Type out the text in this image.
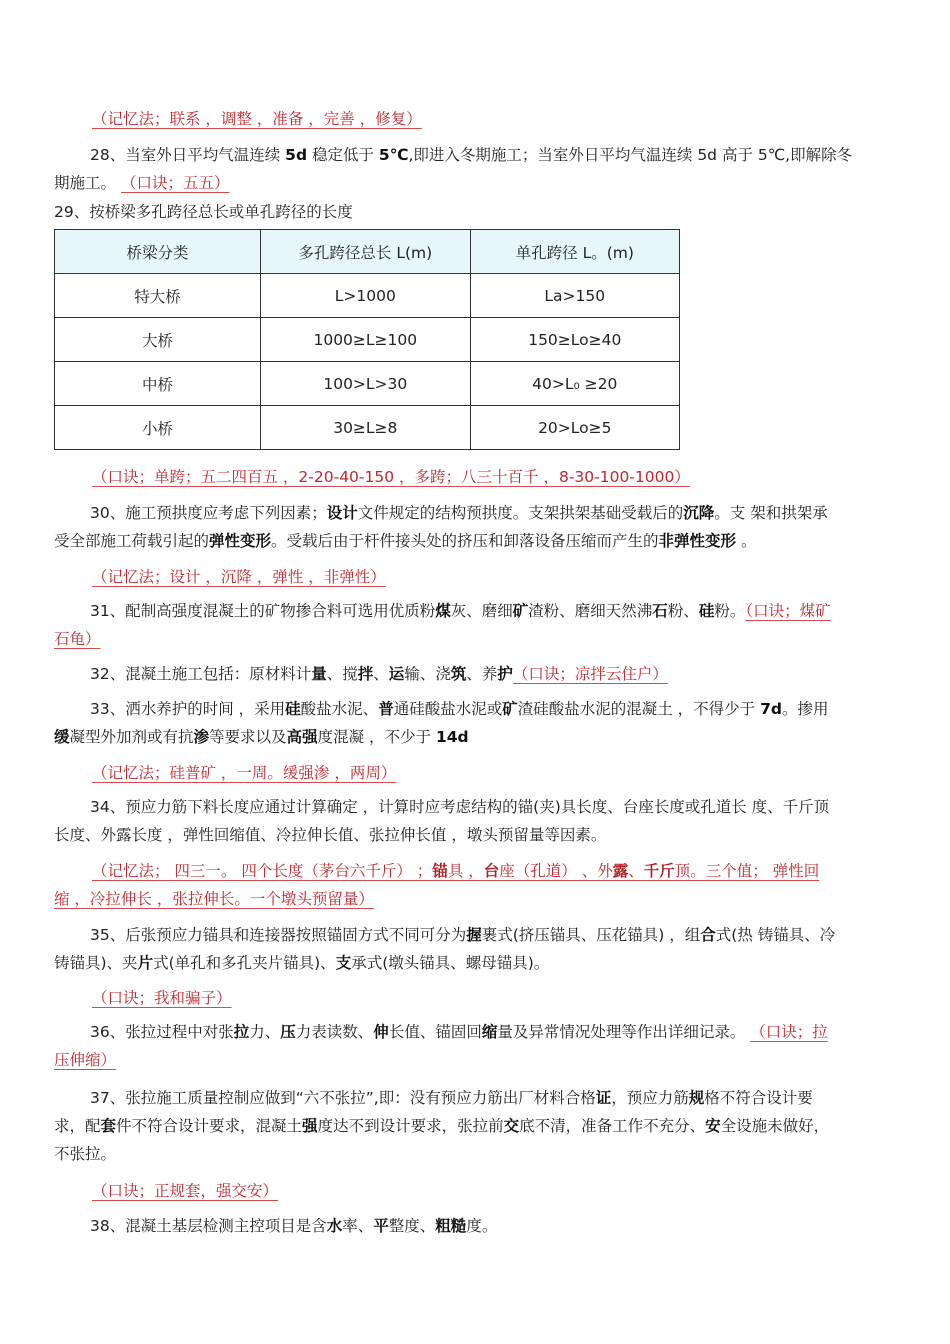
（记忆法；联系 ，调整 ，准备 ，完善 ，修复）
28、当室外日平均气温连续 5d 稳定低于 5℃,即进入冬期施工；当室外日平均气温连续 5d 高于 5℃,即解除冬
期施工。 （口诀；五五）
29、按桥梁多孔跨径总长或单孔跨径的长度
桥梁分类	多孔跨径总长 L(m)	单孔跨径 L。(m)
特大桥	L>1000	La>150
大桥	1000≥L≥100	150≥Lo≥40
中桥	100>L>30	40>L₀ ≥20
小桥	30≥L≥8	20>Lo≥5
（口诀；单跨；五二四百五 ，2-20-40-150 ，多跨；八三十百千 ，8-30-100-1000）
30、施工预拱度应考虑下列因素；设计文件规定的结构预拱度。支架拱架基础受载后的沉降。支 架和拱架承
受全部施工荷载引起的弹性变形。受载后由于杆件接头处的挤压和卸落设备压缩而产生的非弹性变形 。
（记忆法；设计 ，沉降 ，弹性 ，非弹性）
31、配制高强度混凝土的矿物掺合料可选用优质粉煤灰、磨细矿渣粉、磨细天然沸石粉、硅粉。（口诀；煤矿
石龟）
32、混凝土施工包括：原材料计量、搅拌、运输、浇筑、养护（口诀；凉拌云住户）
33、洒水养护的时间 ，采用硅酸盐水泥、普通硅酸盐水泥或矿渣硅酸盐水泥的混凝土 ，不得少于 7d。掺用
缓凝型外加剂或有抗渗等要求以及高强度混凝 ，不少于 14d
（记忆法；硅普矿 ，一周。缓强渗 ，两周）
34、预应力筋下料长度应通过计算确定 ，计算时应考虑结构的锚(夹)具长度、台座长度或孔道长 度、千斤顶
长度、外露长度 ，弹性回缩值、冷拉伸长值、张拉伸长值 ，墩头预留量等因素。
（记忆法； 四三一。 四个长度（茅台六千斤） ；锚具 ，台座（孔道） 、外露、千斤顶。三个值； 弹性回
缩 ，冷拉伸长 ，张拉伸长。一个墩头预留量）
35、后张预应力锚具和连接器按照锚固方式不同可分为握裹式(挤压锚具、压花锚具) ，组合式(热 铸锚具、冷
铸锚具)、夹片式(单孔和多孔夹片锚具)、支承式(墩头锚具、螺母锚具)。
（口诀；我和骗子）
36、张拉过程中对张拉力、压力表读数、伸长值、锚固回缩量及异常情况处理等作出详细记录。 （口诀；拉
压伸缩）
37、张拉施工质量控制应做到“六不张拉”,即：没有预应力筋出厂材料合格证，预应力筋规格不符合设计要
求，配套件不符合设计要求，混凝土强度达不到设计要求，张拉前交底不清，准备工作不充分、安全设施未做好，
不张拉。
（口诀；正规套，强交安）
38、混凝土基层检测主控项目是含水率、平整度、粗糙度。
